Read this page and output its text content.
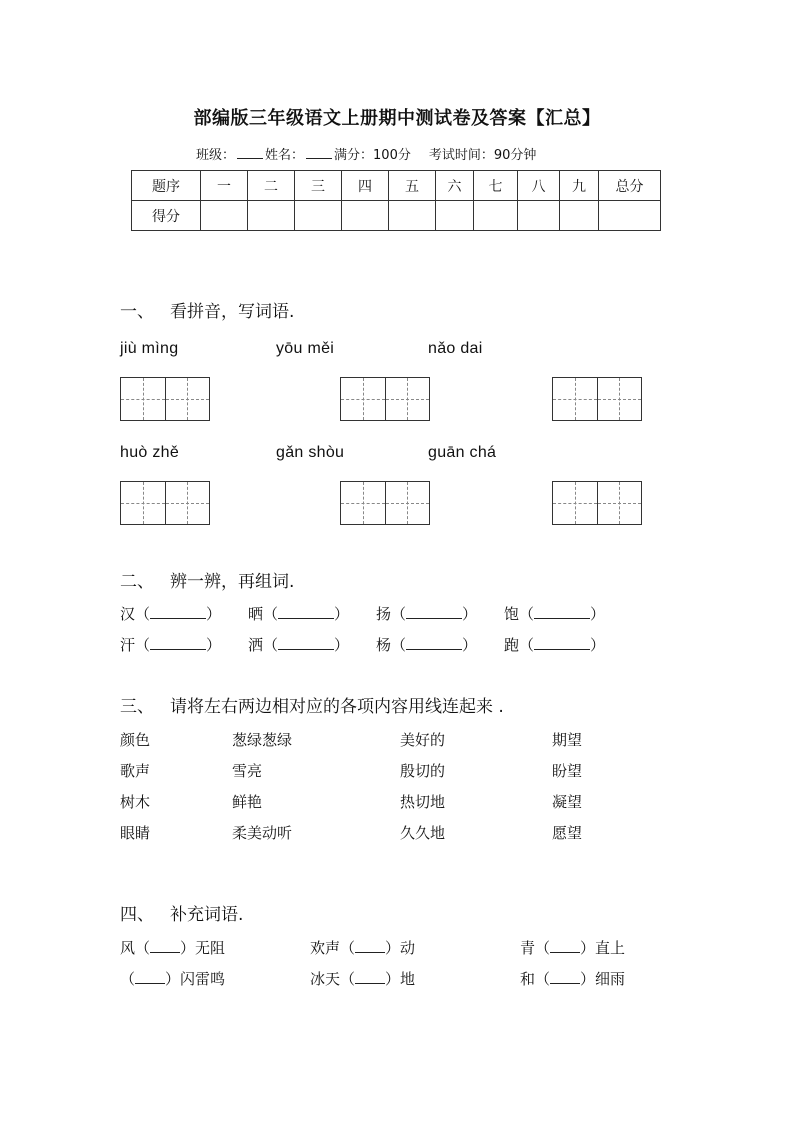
部编版三年级语文上册期中测试卷及答案【汇总】
班级： 姓名： 满分：100分 考试时间：90分钟
题序	一	二	三	四	五	六	七	八	九	总分
得分										
一、 看拼音，写词语.
jiù mìng	yōu měi	nǎo dai
huò zhě	gǎn shòu	guān chá
二、 辨一辨，再组词.
汉（	） 晒（	） 扬（	） 饱（	）
汗（	） 洒（	） 杨（	） 跑（	）
三、 请将左右两边相对应的各项内容用线连起来 .
颜色	葱绿葱绿	美好的	期望
歌声	雪亮	殷切的	盼望
树木	鲜艳	热切地	凝望
眼睛	柔美动听	久久地	愿望
四、 补充词语.
风（ ）无阻	欢声（ ）动	青（ ）直上
（ ）闪雷鸣	冰天（ ）地	和（ ）细雨
